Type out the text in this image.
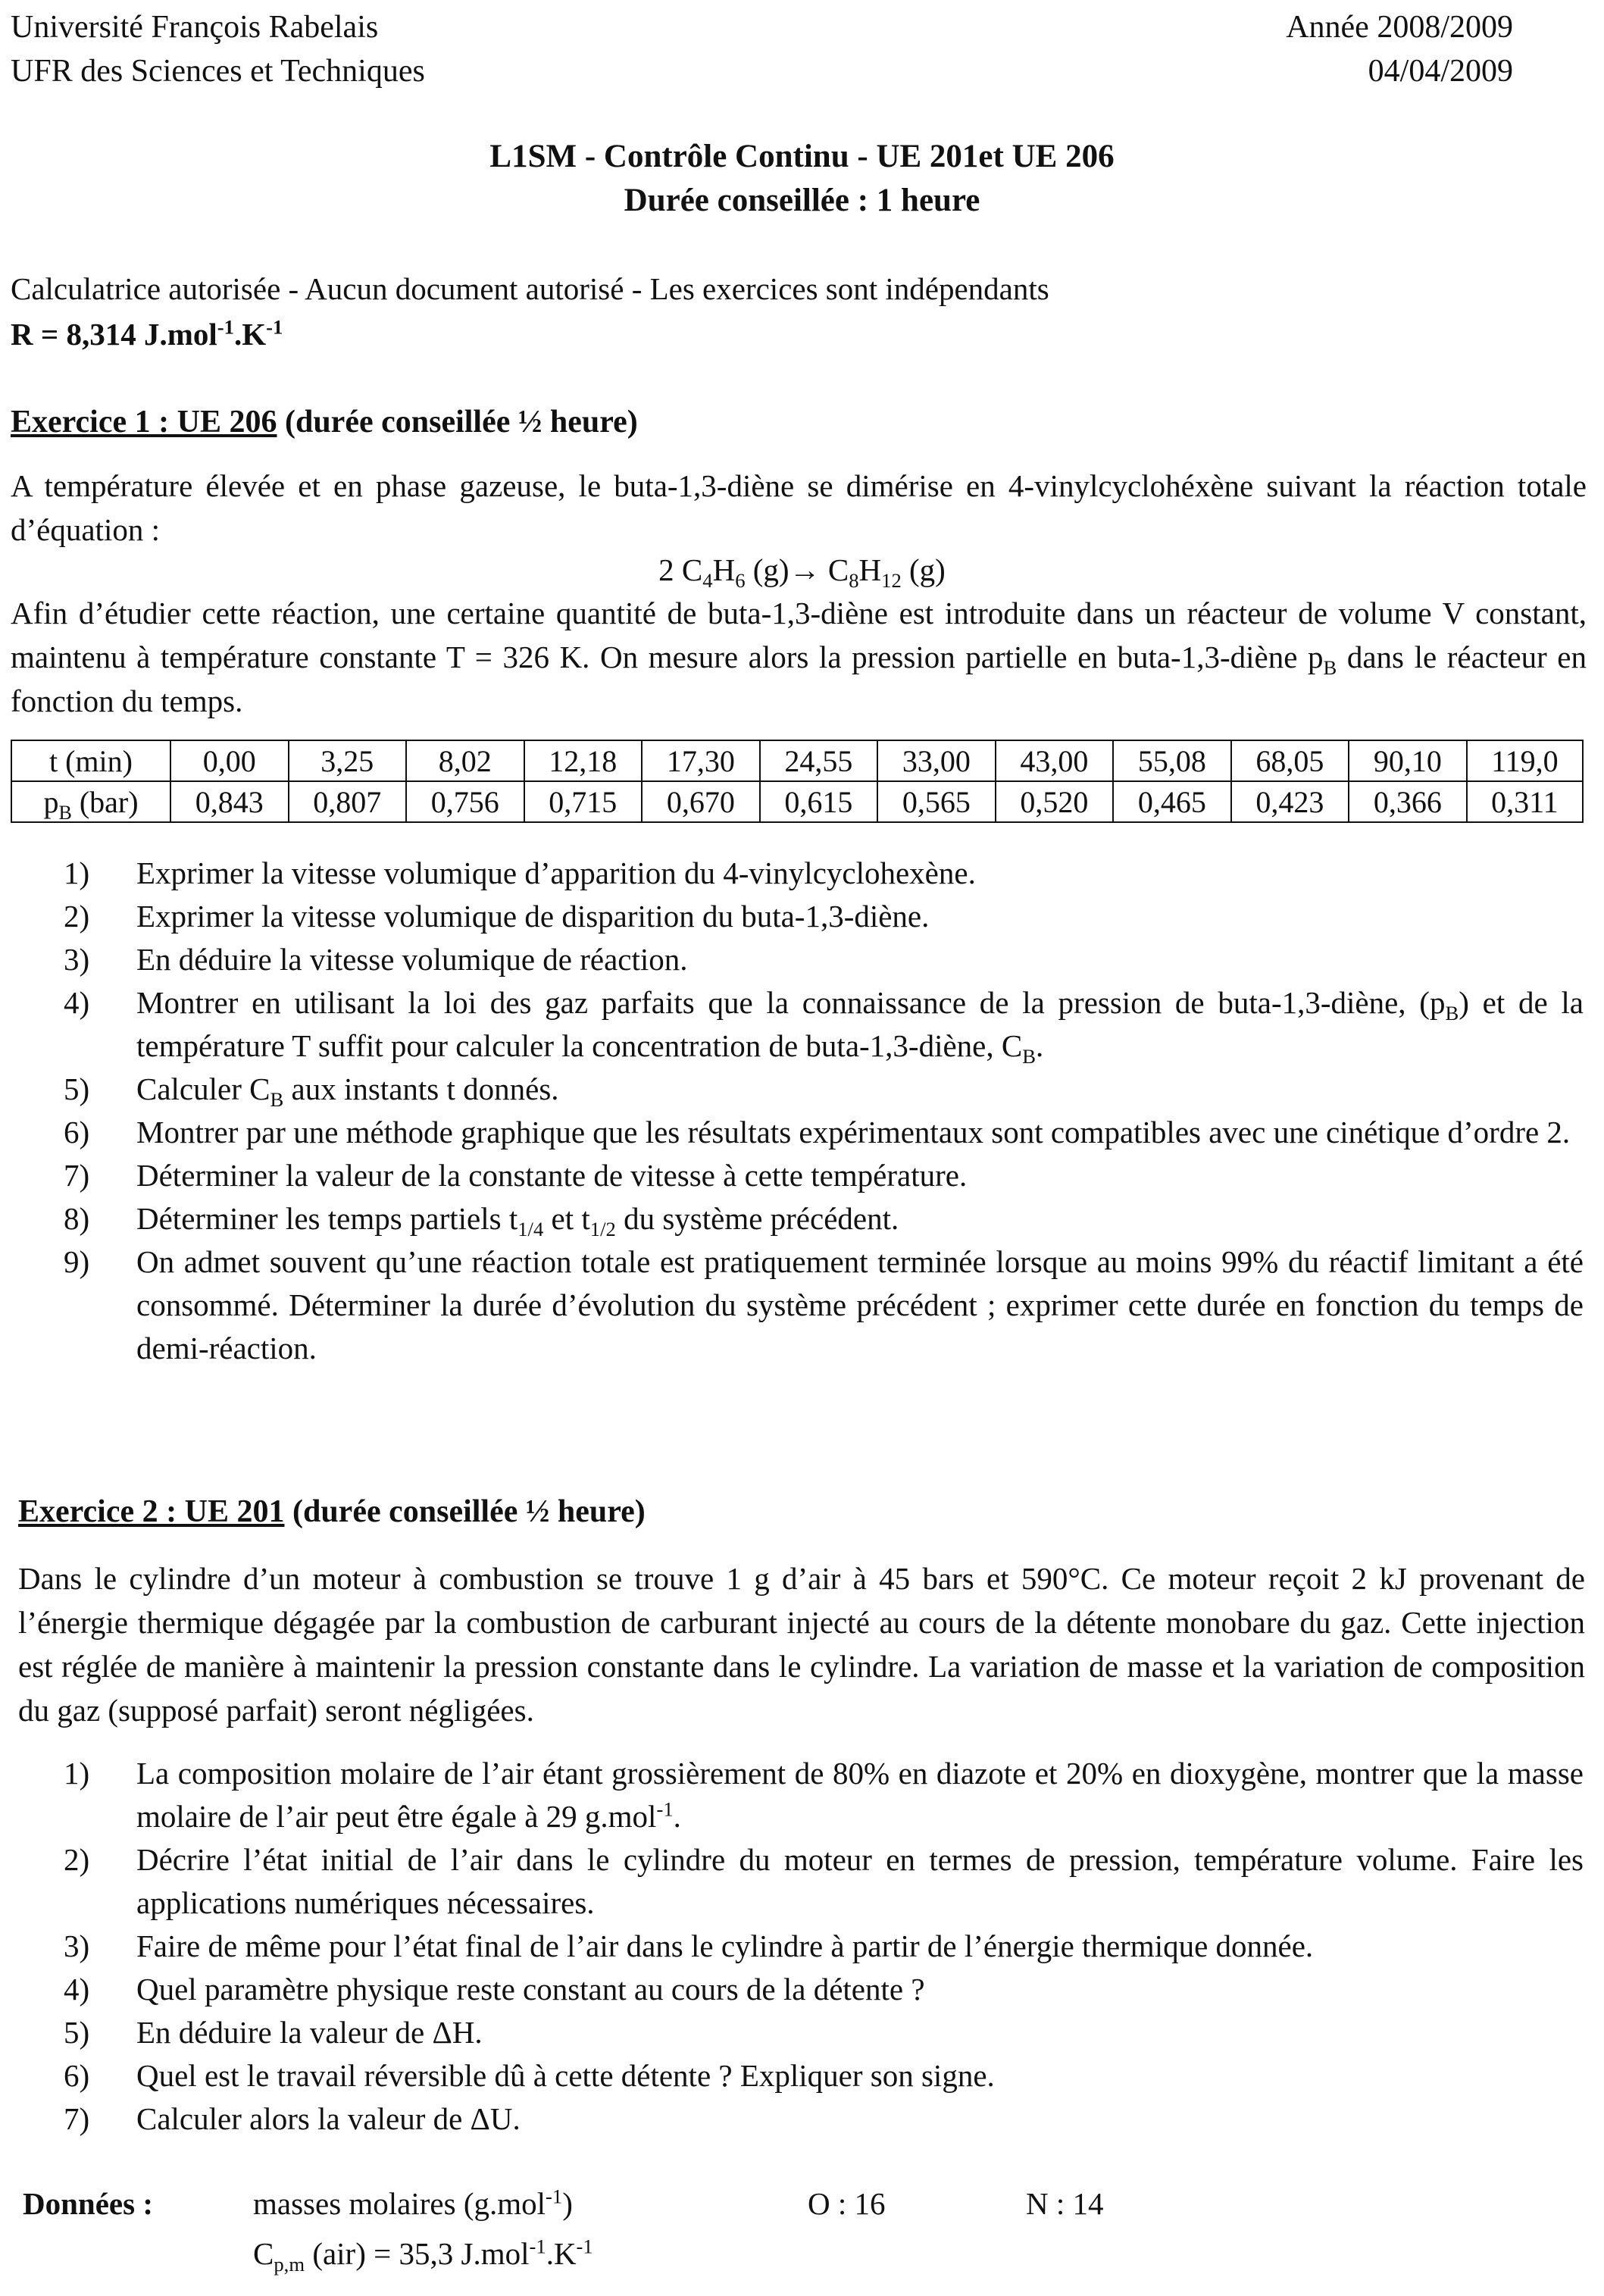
Université François Rabelais
UFR des Sciences et Techniques
Année 2008/2009
04/04/2009
L1SM - Contrôle Continu - UE 201et UE 206
Durée conseillée : 1 heure
Calculatrice autorisée - Aucun document autorisé - Les exercices sont indépendants
R = 8,314 $J.mol^{-1}.K^{-1}$
Exercice 1 : UE 206 (durée conseillée ½ heure)
A température élevée et en phase gazeuse, le buta-1,3-diène se dimérise en 4-vinylcyclohéxène suivant la réaction totale d’équation :
2 $C_4H_6$ $(g)\to C_8H_{12}$ (g)
Afin d’étudier cette réaction, une certaine quantité de buta-1,3-diène est introduite dans un réacteur de volume V constant, maintenu à température constante T = 326 K. On mesure alors la pression partielle en buta-1,3-diène $p_B$ dans le réacteur en fonction du temps.
t (min)	0,00	3,25	8,02	12,18	17,30	24,55	33,00	43,00	55,08	68,05	90,10	119,0
$p_B$ (bar)	0,843	0,807	0,756	0,715	0,670	0,615	0,565	0,520	0,465	0,423	0,366	0,311
1) Exprimer la vitesse volumique d’apparition du 4-vinylcyclohexène.
2) Exprimer la vitesse volumique de disparition du buta-1,3-diène.
3) En déduire la vitesse volumique de réaction.
4) Montrer en utilisant la loi des gaz parfaits que la connaissance de la pression de buta-1,3-diène, $(p_B)$ et de la température T suffit pour calculer la concentration de buta-1,3-diène, $C_B$.
5) Calculer $C_B$ aux instants t donnés.
6) Montrer par une méthode graphique que les résultats expérimentaux sont compatibles avec une cinétique d’ordre 2.
7) Déterminer la valeur de la constante de vitesse à cette température.
8) Déterminer les temps partiels $t_{1/4}$ et $t_{1/2}$ du système précédent.
9) On admet souvent qu’une réaction totale est pratiquement terminée lorsque au moins 99% du réactif limitant a été consommé. Déterminer la durée d’évolution du système précédent ; exprimer cette durée en fonction du temps de demi-réaction.
Exercice 2 : UE 201 (durée conseillée ½ heure)
Dans le cylindre d’un moteur à combustion se trouve 1 g d’air à 45 bars et 590°C. Ce moteur reçoit 2 kJ provenant de l’énergie thermique dégagée par la combustion de carburant injecté au cours de la détente monobare du gaz. Cette injection est réglée de manière à maintenir la pression constante dans le cylindre. La variation de masse et la variation de composition du gaz (supposé parfait) seront négligées.
1) La composition molaire de l’air étant grossièrement de 80% en diazote et 20% en dioxygène, montrer que la masse molaire de l’air peut être égale à 29 g.mol$^{-1}$.
2) Décrire l’état initial de l’air dans le cylindre du moteur en termes de pression, température volume. Faire les applications numériques nécessaires.
3) Faire de même pour l’état final de l’air dans le cylindre à partir de l’énergie thermique donnée.
4) Quel paramètre physique reste constant au cours de la détente ?
5) En déduire la valeur de ΔH.
6) Quel est le travail réversible dû à cette détente ? Expliquer son signe.
7) Calculer alors la valeur de ΔU.
Données :	masses molaires (g.mol$^{-1}$)	O : 16	N : 14
$C_{p,m}$ (air) = 35,3 $J.mol^{-1}.K^{-1}$
